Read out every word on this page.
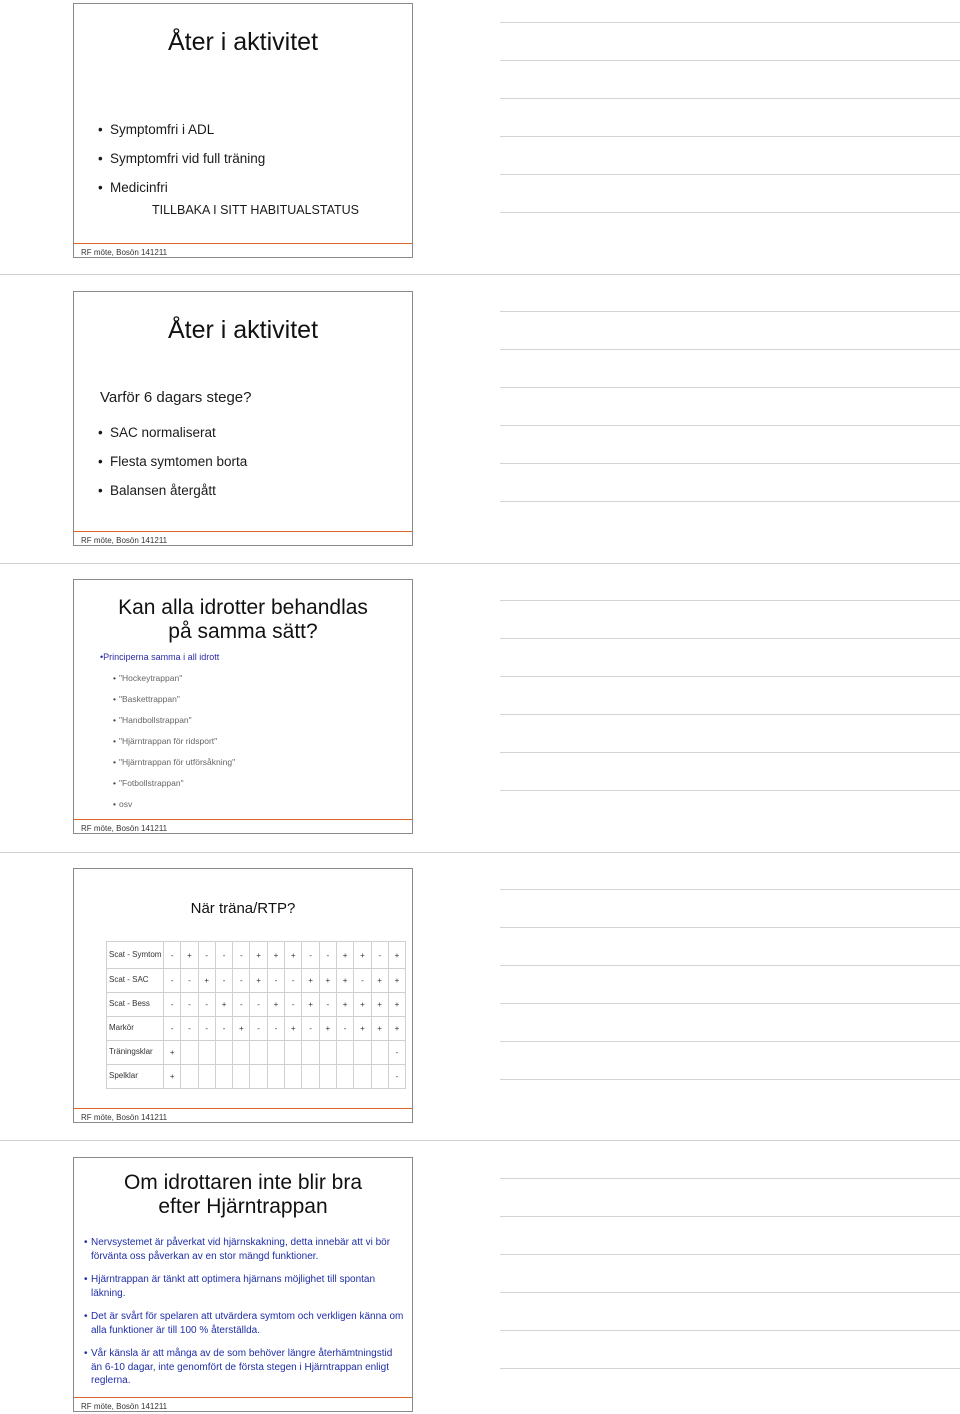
Åter i aktivitet
• Symptomfri i ADL
• Symptomfri vid full träning
• Medicinfri
TILLBAKA I SITT HABITUALSTATUS
RF möte, Bosön 141211
Åter i aktivitet
Varför 6 dagars stege?
• SAC normaliserat
• Flesta symtomen borta
• Balansen återgått
RF möte, Bosön 141211
Kan alla idrotter behandlas
på samma sätt?
•Principerna samma i all idrott
• "Hockeytrappan"
• "Baskettrappan"
• "Handbollstrappan"
• "Hjärntrappan för ridsport"
• "Hjärntrappan för utförsåkning"
• "Fotbollstrappan"
• osv
RF möte, Bosön 141211
När träna/RTP?
Scat - Symtom	-	+	-	-	-	+	+	+	-	-	+	+	-	+
Scat - SAC	-	-	+	-	-	+	-	-	+	+	+	-	+	+
Scat - Bess	-	-	-	+	-	-	+	-	+	-	+	+	+	+
Markör	-	-	-	-	+	-	-	+	-	+	-	+	+	+
Träningsklar	+													-
Spelklar	+													-
RF möte, Bosön 141211
Om idrottaren inte blir bra
efter Hjärntrappan
• Nervsystemet är påverkat vid hjärnskakning, detta innebär att vi bör förvänta oss påverkan av en stor mängd funktioner.
• Hjärntrappan är tänkt att optimera hjärnans möjlighet till spontan läkning.
• Det är svårt för spelaren att utvärdera symtom och verkligen känna om alla funktioner är till 100 % återställda.
• Vår känsla är att många av de som behöver längre återhämtningstid än 6-10 dagar, inte genomfört de första stegen i Hjärntrappan enligt reglerna.
RF möte, Bosön 141211
